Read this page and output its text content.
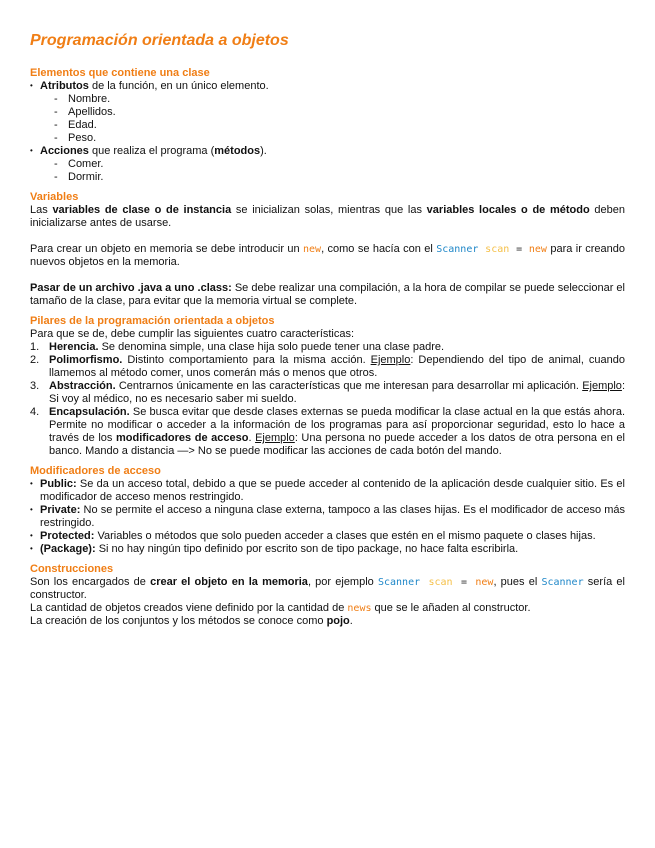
Programación orientada a objetos
Elementos que contiene una clase
• Atributos de la función, en un único elemento.
- Nombre.
- Apellidos.
- Edad.
- Peso.
• Acciones que realiza el programa (métodos).
- Comer.
- Dormir.
Variables

Las variables de clase o de instancia se inicializan solas, mientras que las variables locales o de método deben inicializarse antes de usarse.

Para crear un objeto en memoria se debe introducir un new, como se hacía con el Scanner scan = new para ir creando nuevos objetos en la memoria.

Pasar de un archivo .java a uno .class: Se debe realizar una compilación, a la hora de compilar se puede seleccionar el tamaño de la clase, para evitar que la memoria virtual se complete.

Pilares de la programación orientada a objetos

Para que se de, debe cumplir las siguientes cuatro características:

1. Herencia. Se denomina simple, una clase hija solo puede tener una clase padre.
2. Polimorfismo. Distinto comportamiento para la misma acción. Ejemplo: Dependiendo del tipo de animal, cuando llamemos al método comer, unos comerán más o menos que otros.
3. Abstracción. Centrarnos únicamente en las características que me interesan para desarrollar mi aplicación. Ejemplo: Si voy al médico, no es necesario saber mi sueldo.
4. Encapsulación. Se busca evitar que desde clases externas se pueda modificar la clase actual en la que estás ahora. Permite no modificar o acceder a la información de los programas para así proporcionar seguridad, esto lo hace a través de los modificadores de acceso. Ejemplo: Una persona no puede acceder a los datos de otra persona en el banco. Mando a distancia —> No se puede modificar las acciones de cada botón del mando.
Modificadores de acceso
• Public: Se da un acceso total, debido a que se puede acceder al contenido de la aplicación desde cualquier sitio. Es el modificador de acceso menos restringido.
• Private: No se permite el acceso a ninguna clase externa, tampoco a las clases hijas. Es el modificador de acceso más restringido.
• Protected: Variables o métodos que solo pueden acceder a clases que estén en el mismo paquete o clases hijas.
• (Package): Si no hay ningún tipo definido por escrito son de tipo package, no hace falta escribirla.
Construcciones

Son los encargados de crear el objeto en la memoria, por ejemplo Scanner scan = new, pues el Scanner sería el constructor.

La cantidad de objetos creados viene definido por la cantidad de news que se le añaden al constructor.

La creación de los conjuntos y los métodos se conoce como pojo.
